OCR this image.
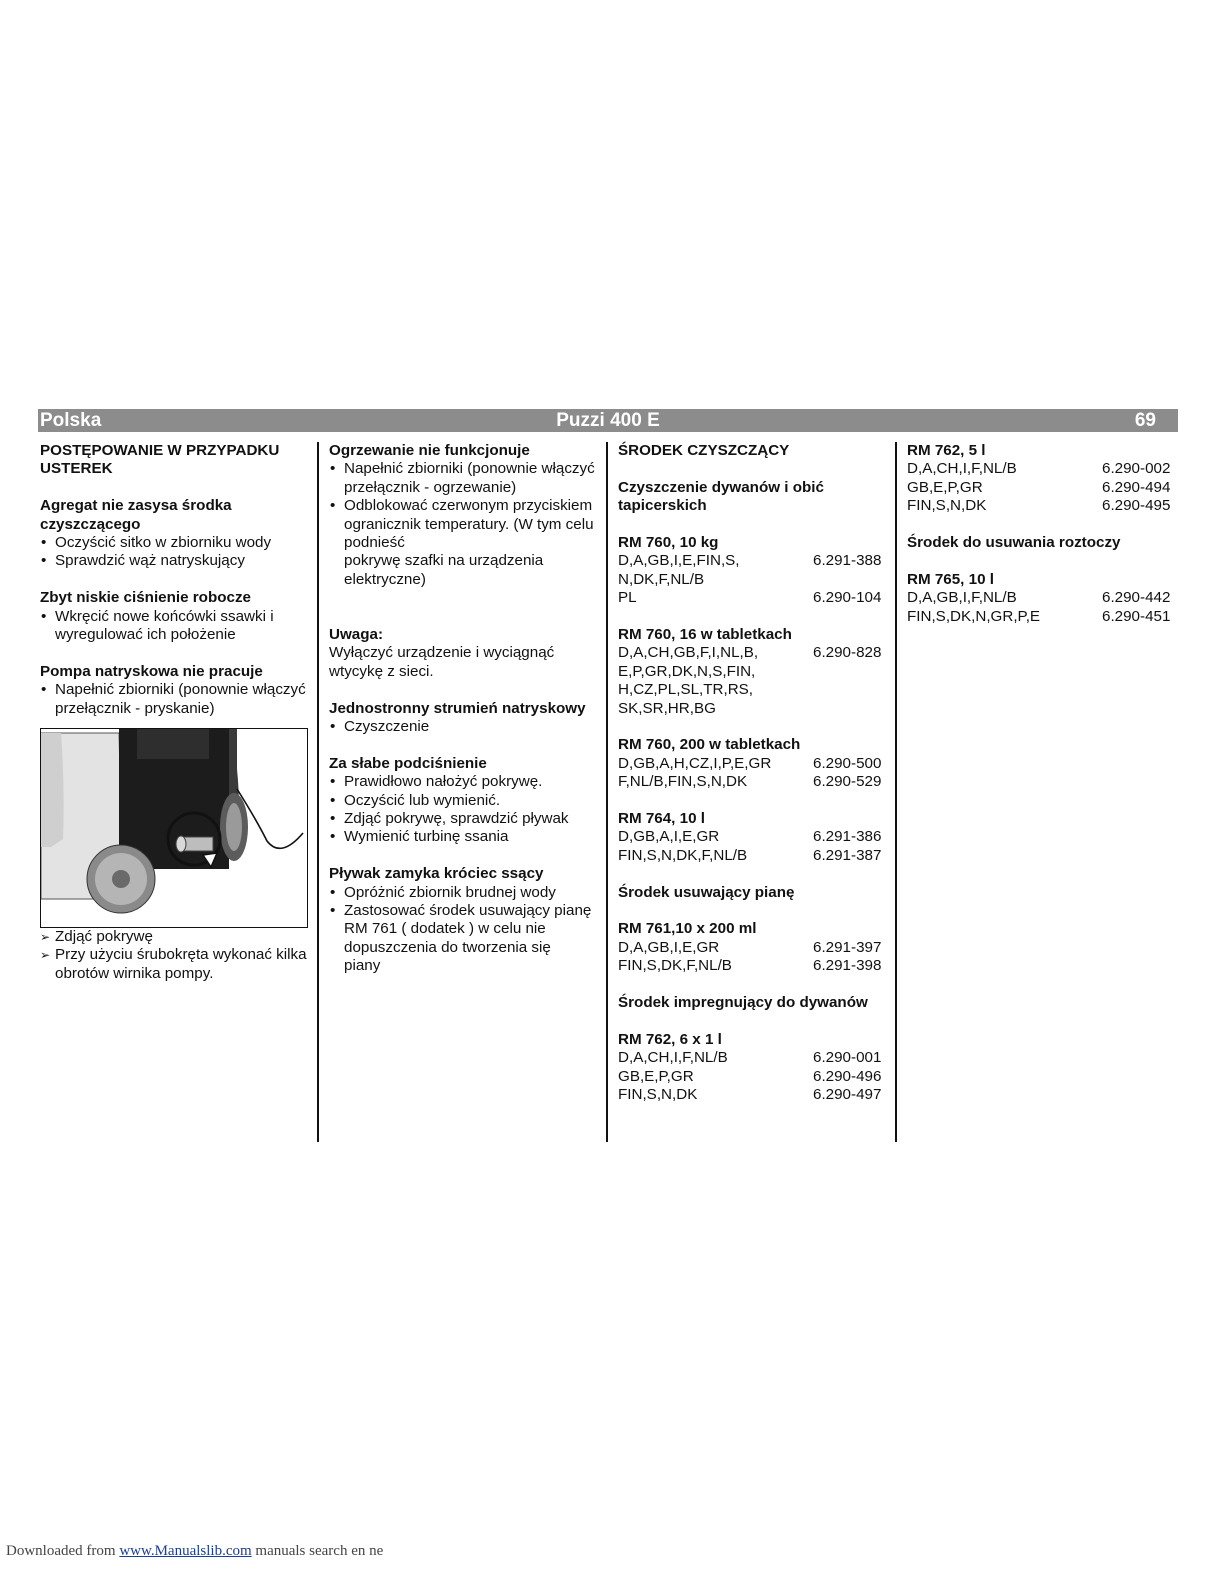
Polska	Puzzi 400 E	69
POSTĘPOWANIE W PRZYPADKU USTEREK
Agregat nie zasysa środka czyszczącego
• Oczyścić sitko w zbiorniku wody
• Sprawdzić wąż natryskujący
Zbyt niskie ciśnienie robocze
• Wkręcić nowe końcówki ssawki i wyregulować ich położenie
Pompa natryskowa nie pracuje
• Napełnić zbiorniki (ponownie włączyć przełącznik - pryskanie)
➢ Zdjąć pokrywę
➢ Przy użyciu śrubokręta wykonać kilka obrotów wirnika pompy.
Ogrzewanie nie funkcjonuje
• Napełnić zbiorniki (ponownie włączyć przełącznik - ogrzewanie)
• Odblokować czerwonym przyciskiem ogranicznik temperatury. (W tym celu podnieść
pokrywę szafki na urządzenia elektryczne)
Uwaga:
Wyłączyć urządzenie i wyciągnąć wtycykę z sieci.
Jednostronny strumień natryskowy
• Czyszczenie
Za słabe podciśnienie
• Prawidłowo nałożyć pokrywę.
• Oczyścić lub wymienić.
• Zdjąć pokrywę, sprawdzić pływak
• Wymienić turbinę ssania
Pływak zamyka króciec ssący
• Opróżnić zbiornik brudnej wody
• Zastosować środek usuwający pianę RM 761 ( dodatek ) w celu nie dopuszczenia do tworzenia się
piany
ŚRODEK CZYSZCZĄCY
Czyszczenie dywanów i obić tapicerskich
RM 760, 10 kg
D,A,GB,I,E,FIN,S,	6.291-388
N,DK,F,NL/B
PL	6.290-104
RM 760, 16 w tabletkach
D,A,CH,GB,F,I,NL,B,	6.290-828
E,P,GR,DK,N,S,FIN,
H,CZ,PL,SL,TR,RS,
SK,SR,HR,BG
RM 760, 200 w tabletkach
D,GB,A,H,CZ,I,P,E,GR	6.290-500
F,NL/B,FIN,S,N,DK	6.290-529
RM 764, 10 l
D,GB,A,I,E,GR	6.291-386
FIN,S,N,DK,F,NL/B	6.291-387
Środek usuwający pianę
RM 761,10 x 200 ml
D,A,GB,I,E,GR	6.291-397
FIN,S,DK,F,NL/B	6.291-398
Środek impregnujący do dywanów
RM 762, 6 x 1 l
D,A,CH,I,F,NL/B	6.290-001
GB,E,P,GR	6.290-496
FIN,S,N,DK	6.290-497
RM 762, 5 l
D,A,CH,I,F,NL/B	6.290-002
GB,E,P,GR	6.290-494
FIN,S,N,DK	6.290-495
Środek do usuwania roztoczy
RM 765, 10 l
D,A,GB,I,F,NL/B	6.290-442
FIN,S,DK,N,GR,P,E	6.290-451
Downloaded from www.Manualslib.com manuals search en ne
